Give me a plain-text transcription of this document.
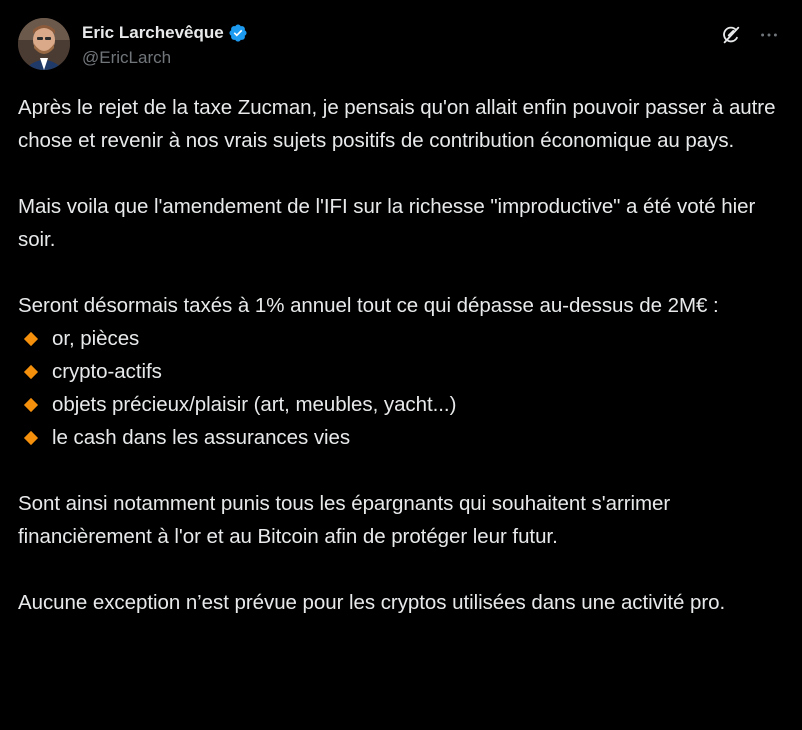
Eric Larchevêque
@EricLarch

Après le rejet de la taxe Zucman, je pensais qu'on allait enfin pouvoir passer à autre chose et revenir à nos vrais sujets positifs de contribution économique au pays.

Mais voila que l'amendement de l'IFI sur la richesse "improductive" a été voté hier soir.

Seront désormais taxés à 1% annuel tout ce qui dépasse au-dessus de 2M€ :
or, pièces
crypto-actifs
objets précieux/plaisir (art, meubles, yacht...)
le cash dans les assurances vies

Sont ainsi notamment punis tous les épargnants qui souhaitent s'arrimer financièrement à l'or et au Bitcoin afin de protéger leur futur.

Aucune exception n’est prévue pour les cryptos utilisées dans une activité pro.
